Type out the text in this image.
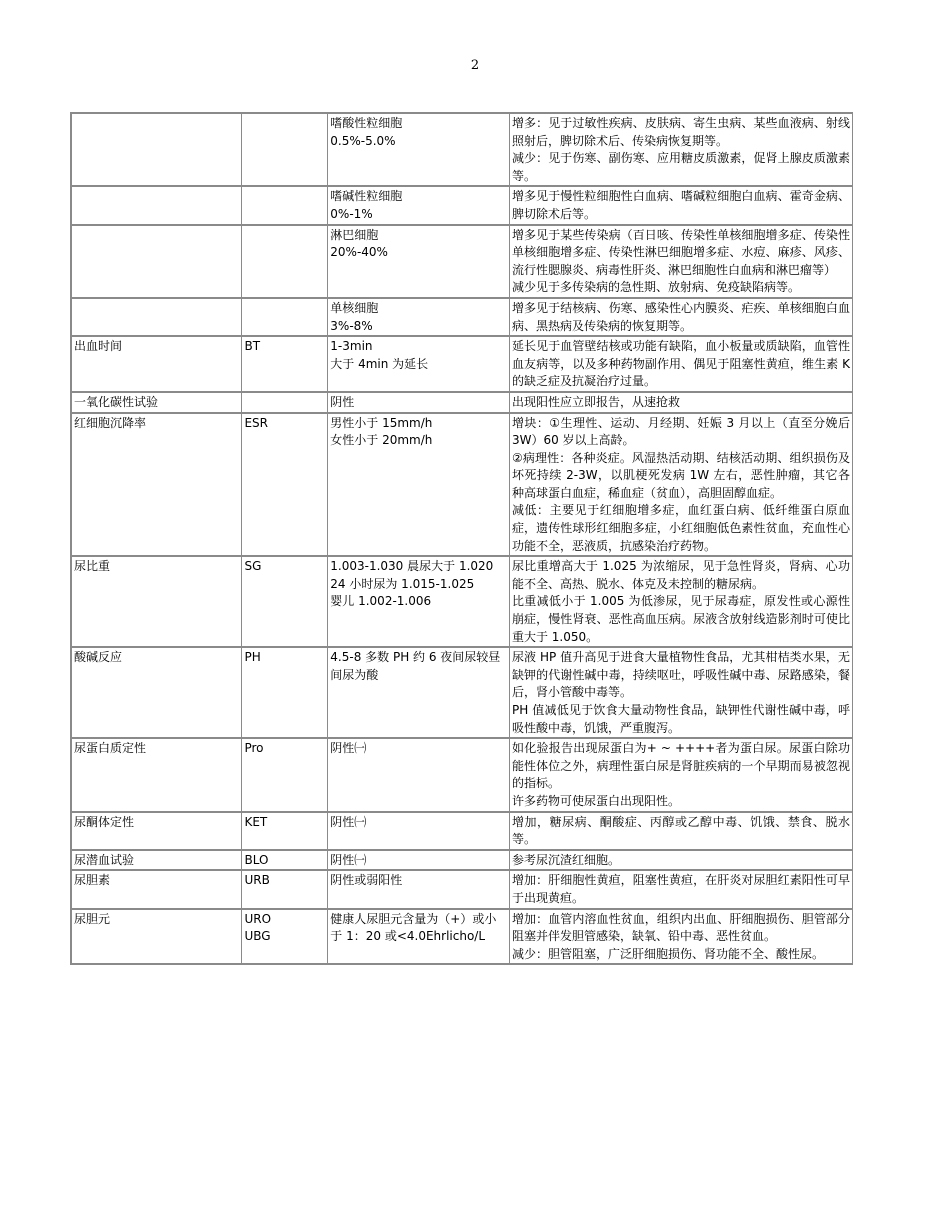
2

		嗜酸性粒细胞
0.5%-5.0%	增多：见于过敏性疾病、皮肤病、寄生虫病、某些血液病、射线照射后，脾切除术后、传染病恢复期等。
减少：见于伤寒、副伤寒、应用糖皮质激素，促肾上腺皮质激素等。

		嗜碱性粒细胞
0%-1%	增多见于慢性粒细胞性白血病、嗜碱粒细胞白血病、霍奇金病、脾切除术后等。

		淋巴细胞
20%-40%	增多见于某些传染病（百日咳、传染性单核细胞增多症、传染性单核细胞增多症、传染性淋巴细胞增多症、水痘、麻疹、风疹、流行性腮腺炎、病毒性肝炎、淋巴细胞性白血病和淋巴瘤等）
减少见于多传染病的急性期、放射病、免疫缺陷病等。

		单核细胞
3%-8%	增多见于结核病、伤寒、感染性心内膜炎、疟疾、单核细胞白血病、黑热病及传染病的恢复期等。

出血时间	BT	1-3min
大于 4min 为延长	延长见于血管壁结核或功能有缺陷，血小板量或质缺陷，血管性血友病等，以及多种药物副作用、偶见于阻塞性黄疸，维生素 K 的缺乏症及抗凝治疗过量。

一氧化碳性试验		阴性	出现阳性应立即报告，从速抢救

红细胞沉降率	ESR	男性小于 15mm/h
女性小于 20mm/h	增块：①生理性、运动、月经期、妊娠 3 月以上（直至分娩后 3W）60 岁以上高龄。
②病理性：各种炎症。风湿热活动期、结核活动期、组织损伤及坏死持续 2-3W，以肌梗死发病 1W 左右，恶性肿瘤，其它各种高球蛋白血症，稀血症（贫血），高胆固醇血症。
减低：主要见于红细胞增多症，血红蛋白病、低纤维蛋白原血症，遗传性球形红细胞多症，小红细胞低色素性贫血，充血性心功能不全，恶液质，抗感染治疗药物。

尿比重	SG	1.003-1.030 晨尿大于 1.020
24 小时尿为 1.015-1.025
婴儿 1.002-1.006	尿比重增高大于 1.025 为浓缩尿，见于急性肾炎，肾病、心功能不全、高热、脱水、体克及未控制的糖尿病。
比重减低小于 1.005 为低渗尿，见于尿毒症，原发性或心源性崩症，慢性肾衰、恶性高血压病。尿液含放射线造影剂时可使比重大于 1.050。

酸碱反应	PH	4.5-8 多数 PH 约 6 夜间尿较昼间尿为酸	尿液 HP 值升高见于进食大量植物性食品，尤其柑桔类水果，无缺钾的代谢性碱中毒，持续呕吐，呼吸性碱中毒、尿路感染，餐后，肾小管酸中毒等。
PH 值减低见于饮食大量动物性食品，缺钾性代谢性碱中毒，呼吸性酸中毒，饥饿，严重腹泻。

尿蛋白质定性	Pro	阴性㈠	如化验报告出现尿蛋白为+ ~ ++++者为蛋白尿。尿蛋白除功能性体位之外，病理性蛋白尿是肾脏疾病的一个早期而易被忽视的指标。
许多药物可使尿蛋白出现阳性。

尿酮体定性	KET	阴性㈠	增加，糖尿病、酮酸症、丙醇或乙醇中毒、饥饿、禁食、脱水等。

尿潜血试验	BLO	阴性㈠	参考尿沉渣红细胞。

尿胆素	URB	阴性或弱阳性	增加：肝细胞性黄疸，阻塞性黄疸，在肝炎对尿胆红素阳性可早于出现黄疸。

尿胆元	URO
UBG	健康人尿胆元含量为（+）或小于 1：20 或<4.0Ehrlicho/L	增加：血管内溶血性贫血，组织内出血、肝细胞损伤、胆管部分阻塞并伴发胆管感染，缺氧、铅中毒、恶性贫血。
减少：胆管阻塞，广泛肝细胞损伤、肾功能不全、酸性尿。
